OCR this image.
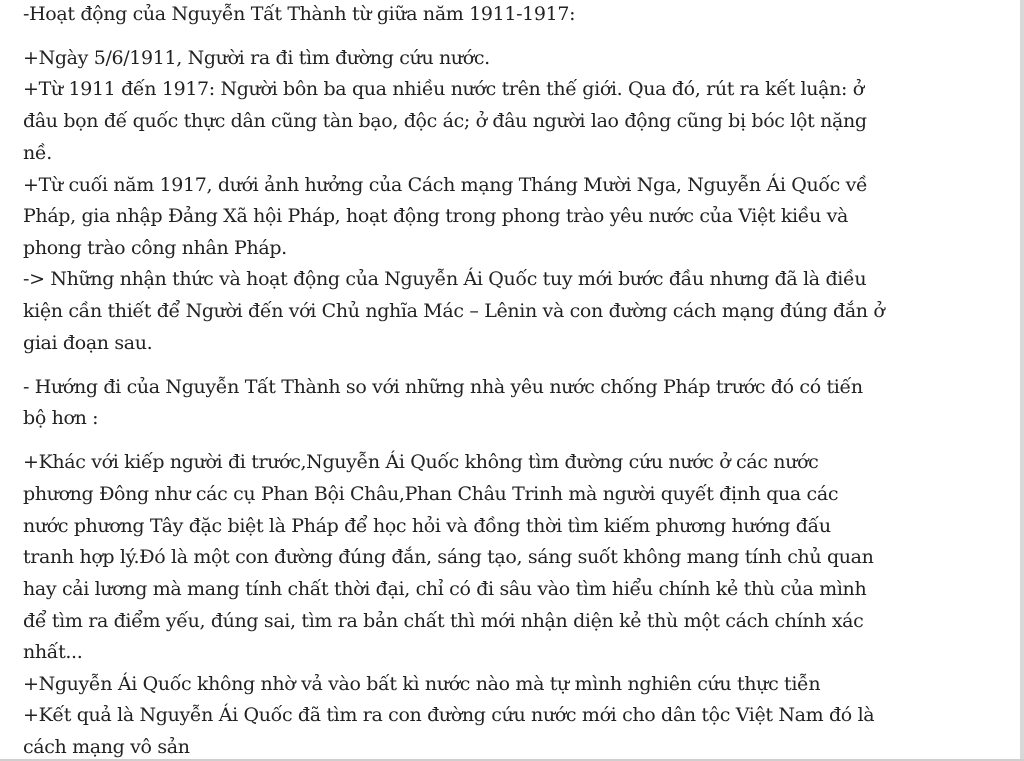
-Hoạt động của Nguyễn Tất Thành từ giữa năm 1911-1917:
+Ngày 5/6/1911, Người ra đi tìm đường cứu nước.
+Từ 1911 đến 1917: Người bôn ba qua nhiều nước trên thế giới. Qua đó, rút ra kết luận: ở
đâu bọn đế quốc thực dân cũng tàn bạo, độc ác; ở đâu người lao động cũng bị bóc lột nặng
nề.
+Từ cuối năm 1917, dưới ảnh hưởng của Cách mạng Tháng Mười Nga, Nguyễn Ái Quốc về
Pháp, gia nhập Đảng Xã hội Pháp, hoạt động trong phong trào yêu nước của Việt kiều và
phong trào công nhân Pháp.
-> Những nhận thức và hoạt động của Nguyễn Ái Quốc tuy mới bước đầu nhưng đã là điều
kiện cần thiết để Người đến với Chủ nghĩa Mác – Lênin và con đường cách mạng đúng đắn ở
giai đoạn sau.
- Hướng đi của Nguyễn Tất Thành so với những nhà yêu nước chống Pháp trước đó có tiến
bộ hơn :
+Khác với kiếp người đi trước,Nguyễn Ái Quốc không tìm đường cứu nước ở các nước
phương Đông như các cụ Phan Bội Châu,Phan Châu Trinh mà người quyết định qua các
nước phương Tây đặc biệt là Pháp để học hỏi và đồng thời tìm kiếm phương hướng đấu
tranh hợp lý.Đó là một con đường đúng đắn, sáng tạo, sáng suốt không mang tính chủ quan
hay cải lương mà mang tính chất thời đại, chỉ có đi sâu vào tìm hiểu chính kẻ thù của mình
để tìm ra điểm yếu, đúng sai, tìm ra bản chất thì mới nhận diện kẻ thù một cách chính xác
nhất...
+Nguyễn Ái Quốc không nhờ vả vào bất kì nước nào mà tự mình nghiên cứu thực tiễn
+Kết quả là Nguyễn Ái Quốc đã tìm ra con đường cứu nước mới cho dân tộc Việt Nam đó là
cách mạng vô sản
